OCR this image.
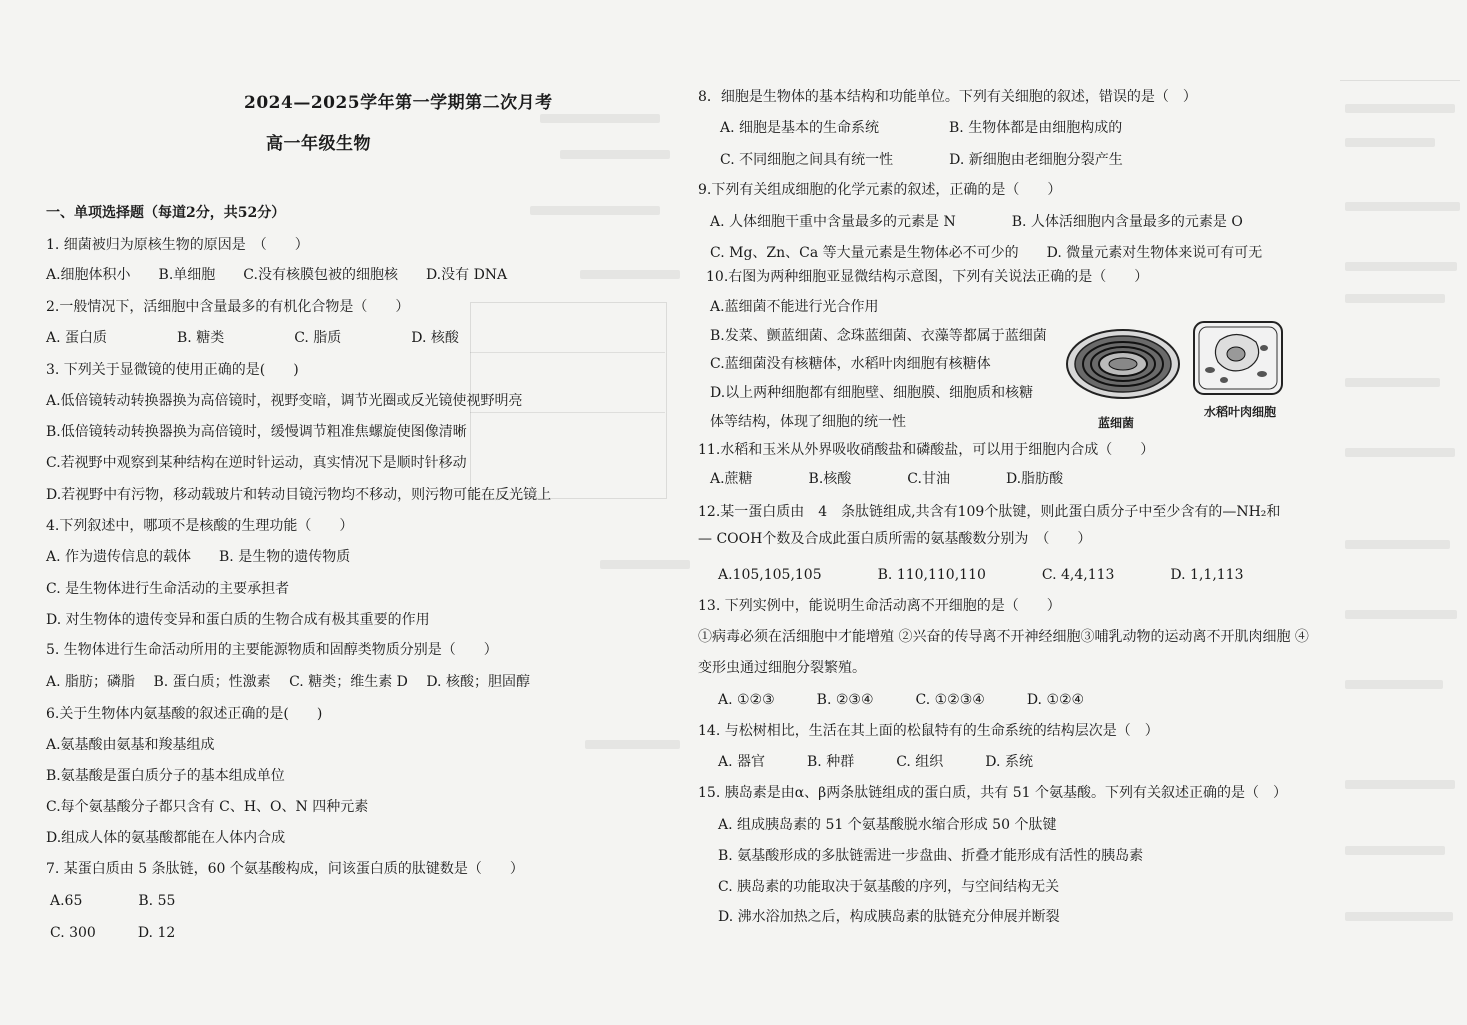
2024—2025学年第一学期第二次月考
高一年级生物
一、单项选择题（每道2分，共52分）
1. 细菌被归为原核生物的原因是　（　　）
A.细胞体积小　　B.单细胞　　C.没有核膜包被的细胞核　　D.没有 DNA
2.一般情况下，活细胞中含量最多的有机化合物是（　　）
A. 蛋白质　　　　　B. 糖类　　　　　C. 脂质　　　　　D. 核酸
3. 下列关于显微镜的使用正确的是(　　)
A.低倍镜转动转换器换为高倍镜时，视野变暗，调节光圈或反光镜使视野明亮
B.低倍镜转动转换器换为高倍镜时，缓慢调节粗准焦螺旋使图像清晰
C.若视野中观察到某种结构在逆时针运动，真实情况下是顺时针移动
D.若视野中有污物，移动载玻片和转动目镜污物均不移动，则污物可能在反光镜上
4.下列叙述中，哪项不是核酸的生理功能（　　）
A. 作为遗传信息的载体　　B. 是生物的遗传物质
C. 是生物体进行生命活动的主要承担者
D. 对生物体的遗传变异和蛋白质的生物合成有极其重要的作用
5. 生物体进行生命活动所用的主要能源物质和固醇类物质分别是（　　）
A. 脂肪；磷脂　 B. 蛋白质；性激素　 C. 糖类；维生素 D　 D. 核酸；胆固醇
6.关于生物体内氨基酸的叙述正确的是(　　)
A.氨基酸由氨基和羧基组成
B.氨基酸是蛋白质分子的基本组成单位
C.每个氨基酸分子都只含有 C、H、O、N 四种元素
D.组成人体的氨基酸都能在人体内合成
7. 某蛋白质由 5 条肽链，60 个氨基酸构成，问该蛋白质的肽键数是（　　）
A.65　　　　B. 55
C. 300　　　D. 12
8．细胞是生物体的基本结构和功能单位。下列有关细胞的叙述，错误的是（　）
A. 细胞是基本的生命系统　　　　　B. 生物体都是由细胞构成的
C. 不同细胞之间具有统一性　　　　D. 新细胞由老细胞分裂产生
9.下列有关组成细胞的化学元素的叙述，正确的是（　　）
A. 人体细胞干重中含量最多的元素是 N　　　　B. 人体活细胞内含量最多的元素是 O
C. Mg、Zn、Ca 等大量元素是生物体必不可少的　　D. 微量元素对生物体来说可有可无
10.右图为两种细胞亚显微结构示意图，下列有关说法正确的是（　　）
A.蓝细菌不能进行光合作用
B.发菜、颤蓝细菌、念珠蓝细菌、衣藻等都属于蓝细菌
C.蓝细菌没有核糖体，水稻叶肉细胞有核糖体
D.以上两种细胞都有细胞壁、细胞膜、细胞质和核糖
体等结构，体现了细胞的统一性	蓝细菌
水稻叶肉细胞
11.水稻和玉米从外界吸收硝酸盐和磷酸盐，可以用于细胞内合成（　　）
A.蔗糖　　　　B.核酸　　　　C.甘油　　　　D.脂肪酸
12.某一蛋白质由　4　条肽链组成,共含有109个肽键，则此蛋白质分子中至少含有的—NH₂和
— COOH个数及合成此蛋白质所需的氨基酸数分别为　（　　）
A.105,105,105　　　　B. 110,110,110　　　　C. 4,4,113　　　　D. 1,1,113
13. 下列实例中，能说明生命活动离不开细胞的是（　　）
①病毒必须在活细胞中才能增殖 ②兴奋的传导离不开神经细胞③哺乳动物的运动离不开肌肉细胞 ④
变形虫通过细胞分裂繁殖。
A. ①②③　　　B. ②③④　　　C. ①②③④　　　D. ①②④
14. 与松树相比，生活在其上面的松鼠特有的生命系统的结构层次是（　）
A. 器官　　　B. 种群　　　C. 组织　　　D. 系统
15. 胰岛素是由α、β两条肽链组成的蛋白质，共有 51 个氨基酸。下列有关叙述正确的是（　）
A. 组成胰岛素的 51 个氨基酸脱水缩合形成 50 个肽键
B. 氨基酸形成的多肽链需进一步盘曲、折叠才能形成有活性的胰岛素
C. 胰岛素的功能取决于氨基酸的序列，与空间结构无关
D. 沸水浴加热之后，构成胰岛素的肽链充分伸展并断裂
